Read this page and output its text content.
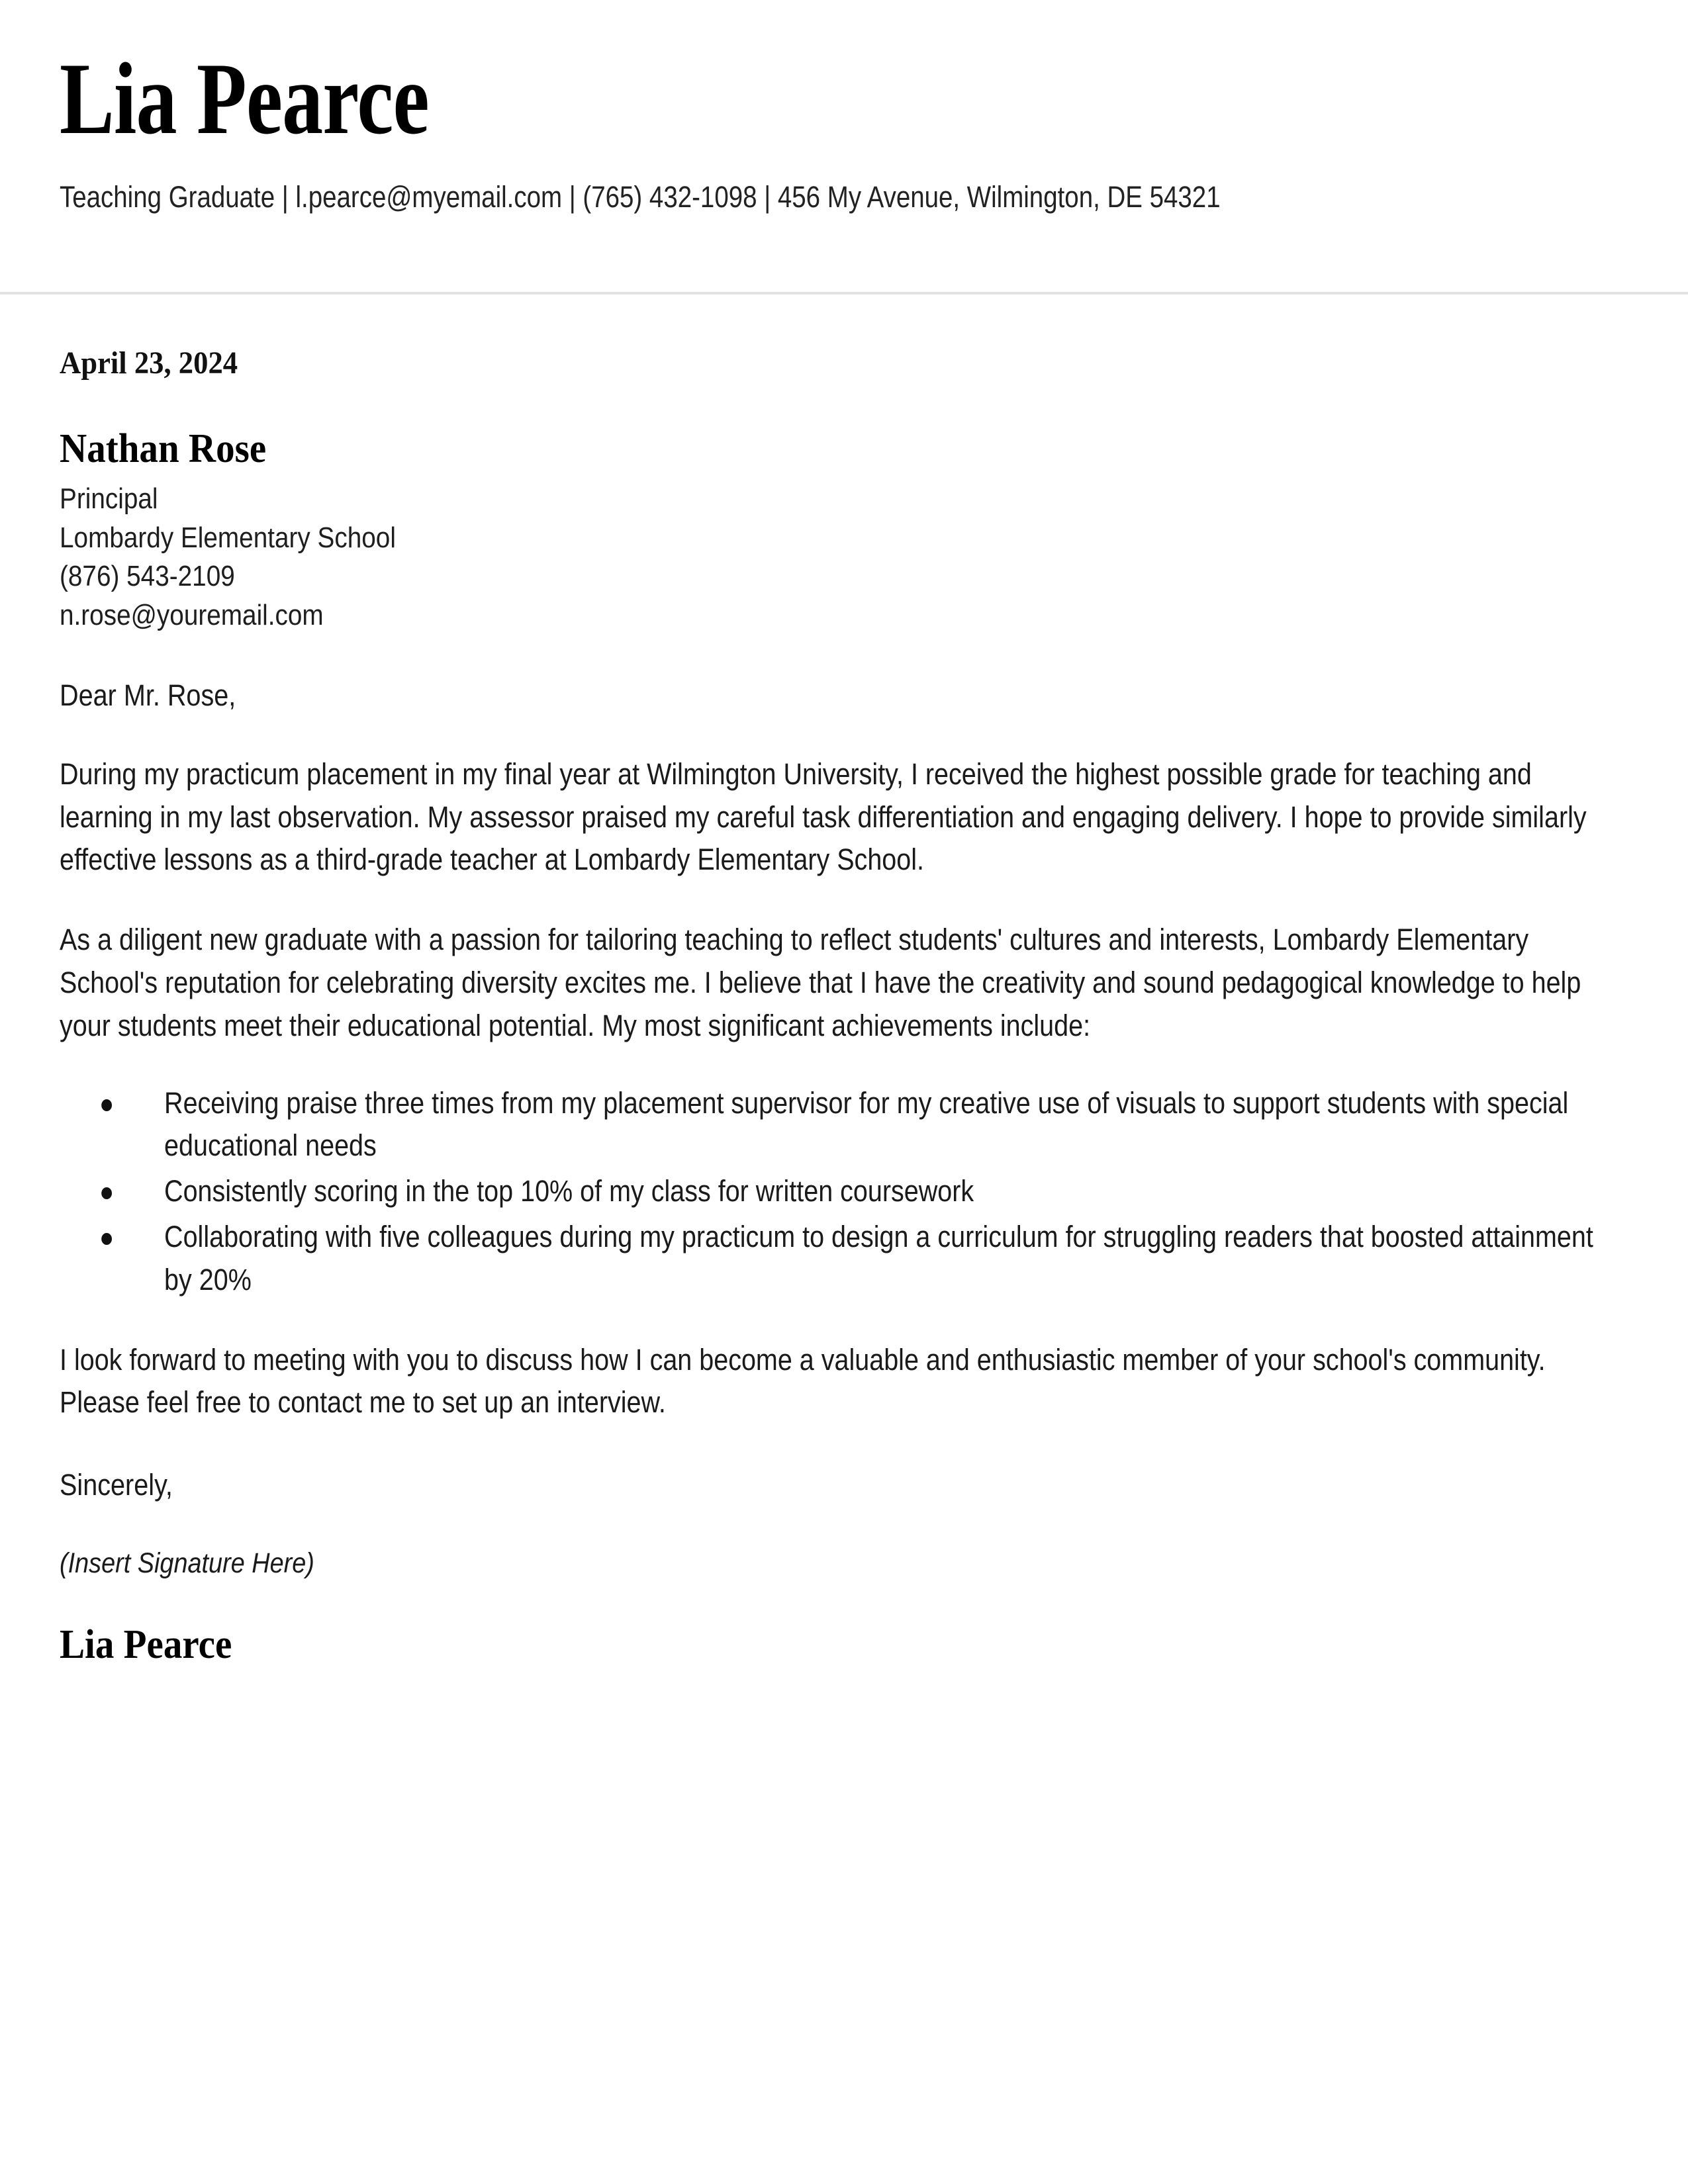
Lia Pearce
Teaching Graduate | l.pearce@myemail.com | (765) 432-1098 | 456 My Avenue, Wilmington, DE 54321
April 23, 2024
Nathan Rose
Principal
Lombardy Elementary School
(876) 543-2109
n.rose@youremail.com
Dear Mr. Rose,

During my practicum placement in my final year at Wilmington University, I received the highest possible grade for teaching and learning in my last observation. My assessor praised my careful task differentiation and engaging delivery. I hope to provide similarly effective lessons as a third-grade teacher at Lombardy Elementary School.

As a diligent new graduate with a passion for tailoring teaching to reflect students' cultures and interests, Lombardy Elementary School's reputation for celebrating diversity excites me. I believe that I have the creativity and sound pedagogical knowledge to help your students meet their educational potential. My most significant achievements include:

Receiving praise three times from my placement supervisor for my creative use of visuals to support students with special educational needs
Consistently scoring in the top 10% of my class for written coursework
Collaborating with five colleagues during my practicum to design a curriculum for struggling readers that boosted attainment by 20%

I look forward to meeting with you to discuss how I can become a valuable and enthusiastic member of your school's community. Please feel free to contact me to set up an interview.

Sincerely,
(Insert Signature Here)
Lia Pearce
